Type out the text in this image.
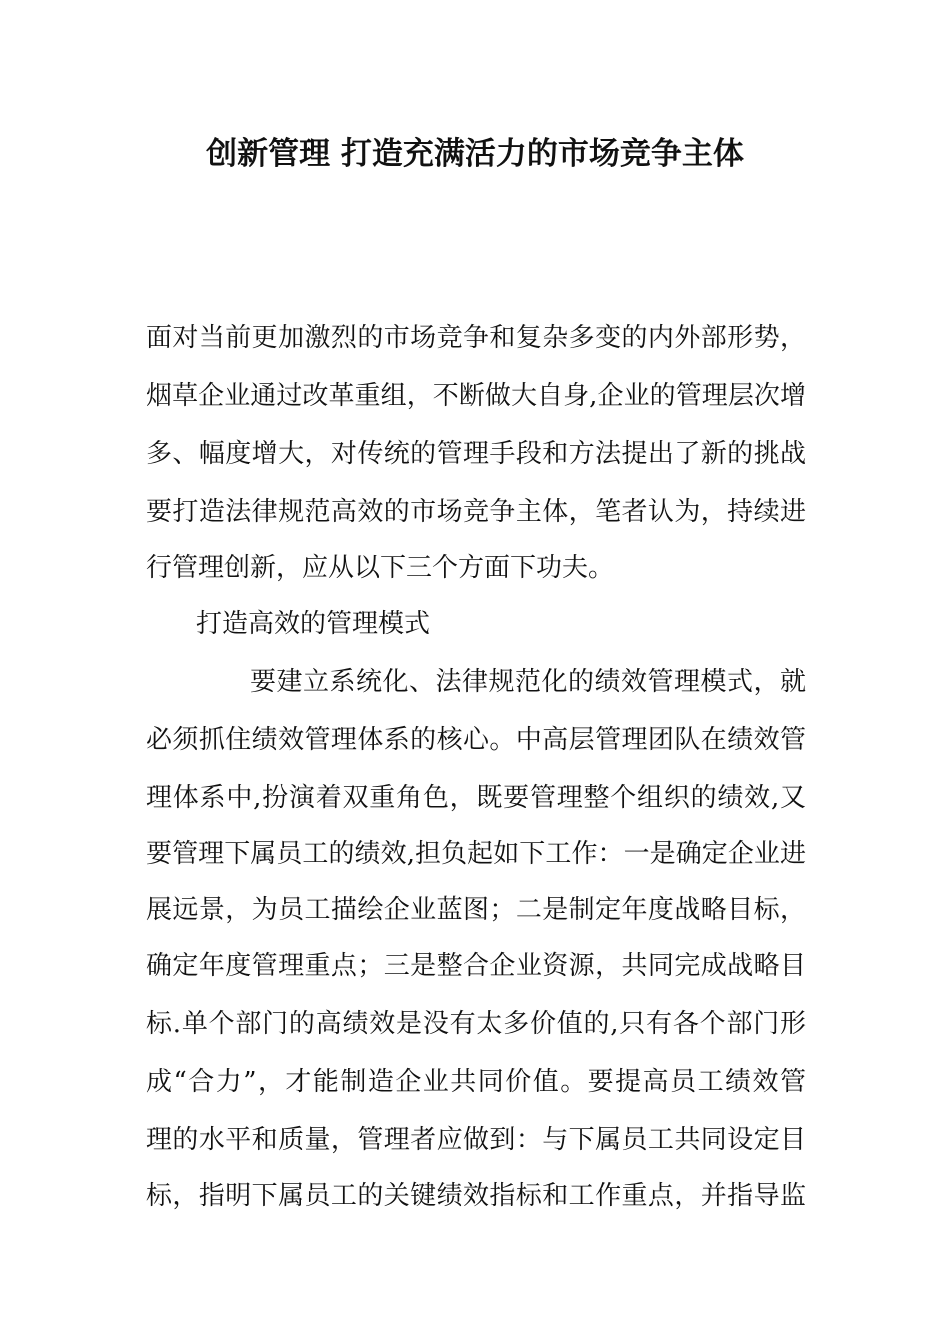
创新管理 打造充满活力的市场竞争主体
面对当前更加激烈的市场竞争和复杂多变的内外部形势，
烟草企业通过改革重组，不断做大自身,企业的管理层次增
多、幅度增大，对传统的管理手段和方法提出了新的挑战
要打造法律规范高效的市场竞争主体，笔者认为，持续进
行管理创新，应从以下三个方面下功夫。
打造高效的管理模式
要建立系统化、法律规范化的绩效管理模式，就
必须抓住绩效管理体系的核心。中高层管理团队在绩效管
理体系中,扮演着双重角色，既要管理整个组织的绩效,又
要管理下属员工的绩效,担负起如下工作：一是确定企业进
展远景，为员工描绘企业蓝图；二是制定年度战略目标，
确定年度管理重点；三是整合企业资源，共同完成战略目
标.单个部门的高绩效是没有太多价值的,只有各个部门形
成“合力”，才能制造企业共同价值。要提高员工绩效管
理的水平和质量，管理者应做到：与下属员工共同设定目
标，指明下属员工的关键绩效指标和工作重点，并指导监
